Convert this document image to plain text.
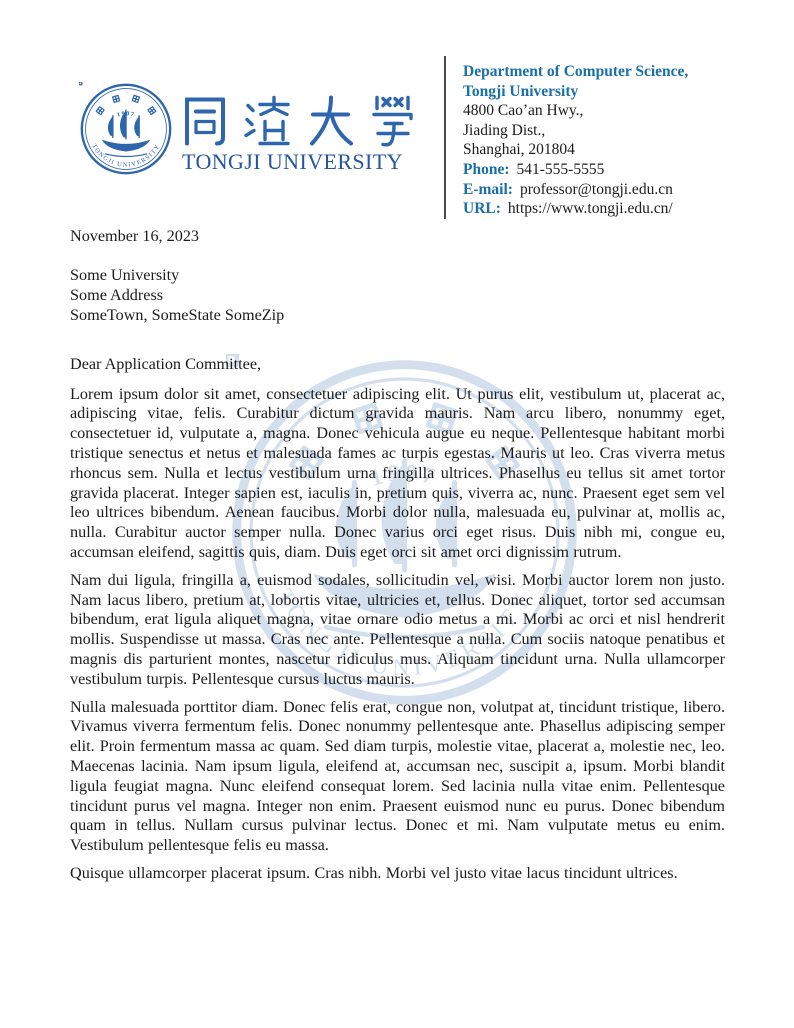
TONGJI UNIVERSITY
Department of Computer Science,
Tongji University
4800 Cao’an Hwy.,
Jiading Dist.,
Shanghai, 201804
Phone: 541-555-5555
E-mail: professor@tongji.edu.cn
URL: https://www.tongji.edu.cn/
November 16, 2023
Some University
Some Address
SomeTown, SomeState SomeZip
Dear Application Committee,

Lorem ipsum dolor sit amet, consectetuer adipiscing elit. Ut purus elit, vestibulum ut, placerat ac, adipiscing vitae, felis. Curabitur dictum gravida mauris. Nam arcu libero, nonummy eget, consectetuer id, vulputate a, magna. Donec vehicula augue eu neque. Pellentesque habitant morbi tristique senectus et netus et malesuada fames ac turpis egestas. Mauris ut leo. Cras viverra metus rhoncus sem. Nulla et lectus vestibulum urna fringilla ultrices. Phasellus eu tellus sit amet tortor gravida placerat. Integer sapien est, iaculis in, pretium quis, viverra ac, nunc. Praesent eget sem vel leo ultrices bibendum. Aenean faucibus. Morbi dolor nulla, malesuada eu, pulvinar at, mollis ac, nulla. Curabitur auctor semper nulla. Donec varius orci eget risus. Duis nibh mi, congue eu, accumsan eleifend, sagittis quis, diam. Duis eget orci sit amet orci dignissim rutrum.

Nam dui ligula, fringilla a, euismod sodales, sollicitudin vel, wisi. Morbi auctor lorem non justo. Nam lacus libero, pretium at, lobortis vitae, ultricies et, tellus. Donec aliquet, tortor sed accumsan bibendum, erat ligula aliquet magna, vitae ornare odio metus a mi. Morbi ac orci et nisl hendrerit mollis. Suspendisse ut massa. Cras nec ante. Pellentesque a nulla. Cum sociis natoque penatibus et magnis dis parturient montes, nascetur ridiculus mus. Aliquam tincidunt urna. Nulla ullamcorper vestibulum turpis. Pellentesque cursus luctus mauris.

Nulla malesuada porttitor diam. Donec felis erat, congue non, volutpat at, tincidunt tristique, libero. Vivamus viverra fermentum felis. Donec nonummy pellentesque ante. Phasellus adipiscing semper elit. Proin fermentum massa ac quam. Sed diam turpis, molestie vitae, placerat a, molestie nec, leo. Maecenas lacinia. Nam ipsum ligula, eleifend at, accumsan nec, suscipit a, ipsum. Morbi blandit ligula feugiat magna. Nunc eleifend consequat lorem. Sed lacinia nulla vitae enim. Pellentesque tincidunt purus vel magna. Integer non enim. Praesent euismod nunc eu purus. Donec bibendum quam in tellus. Nullam cursus pulvinar lectus. Donec et mi. Nam vulputate metus eu enim. Vestibulum pellentesque felis eu massa.

Quisque ullamcorper placerat ipsum. Cras nibh. Morbi vel justo vitae lacus tincidunt ultrices.
